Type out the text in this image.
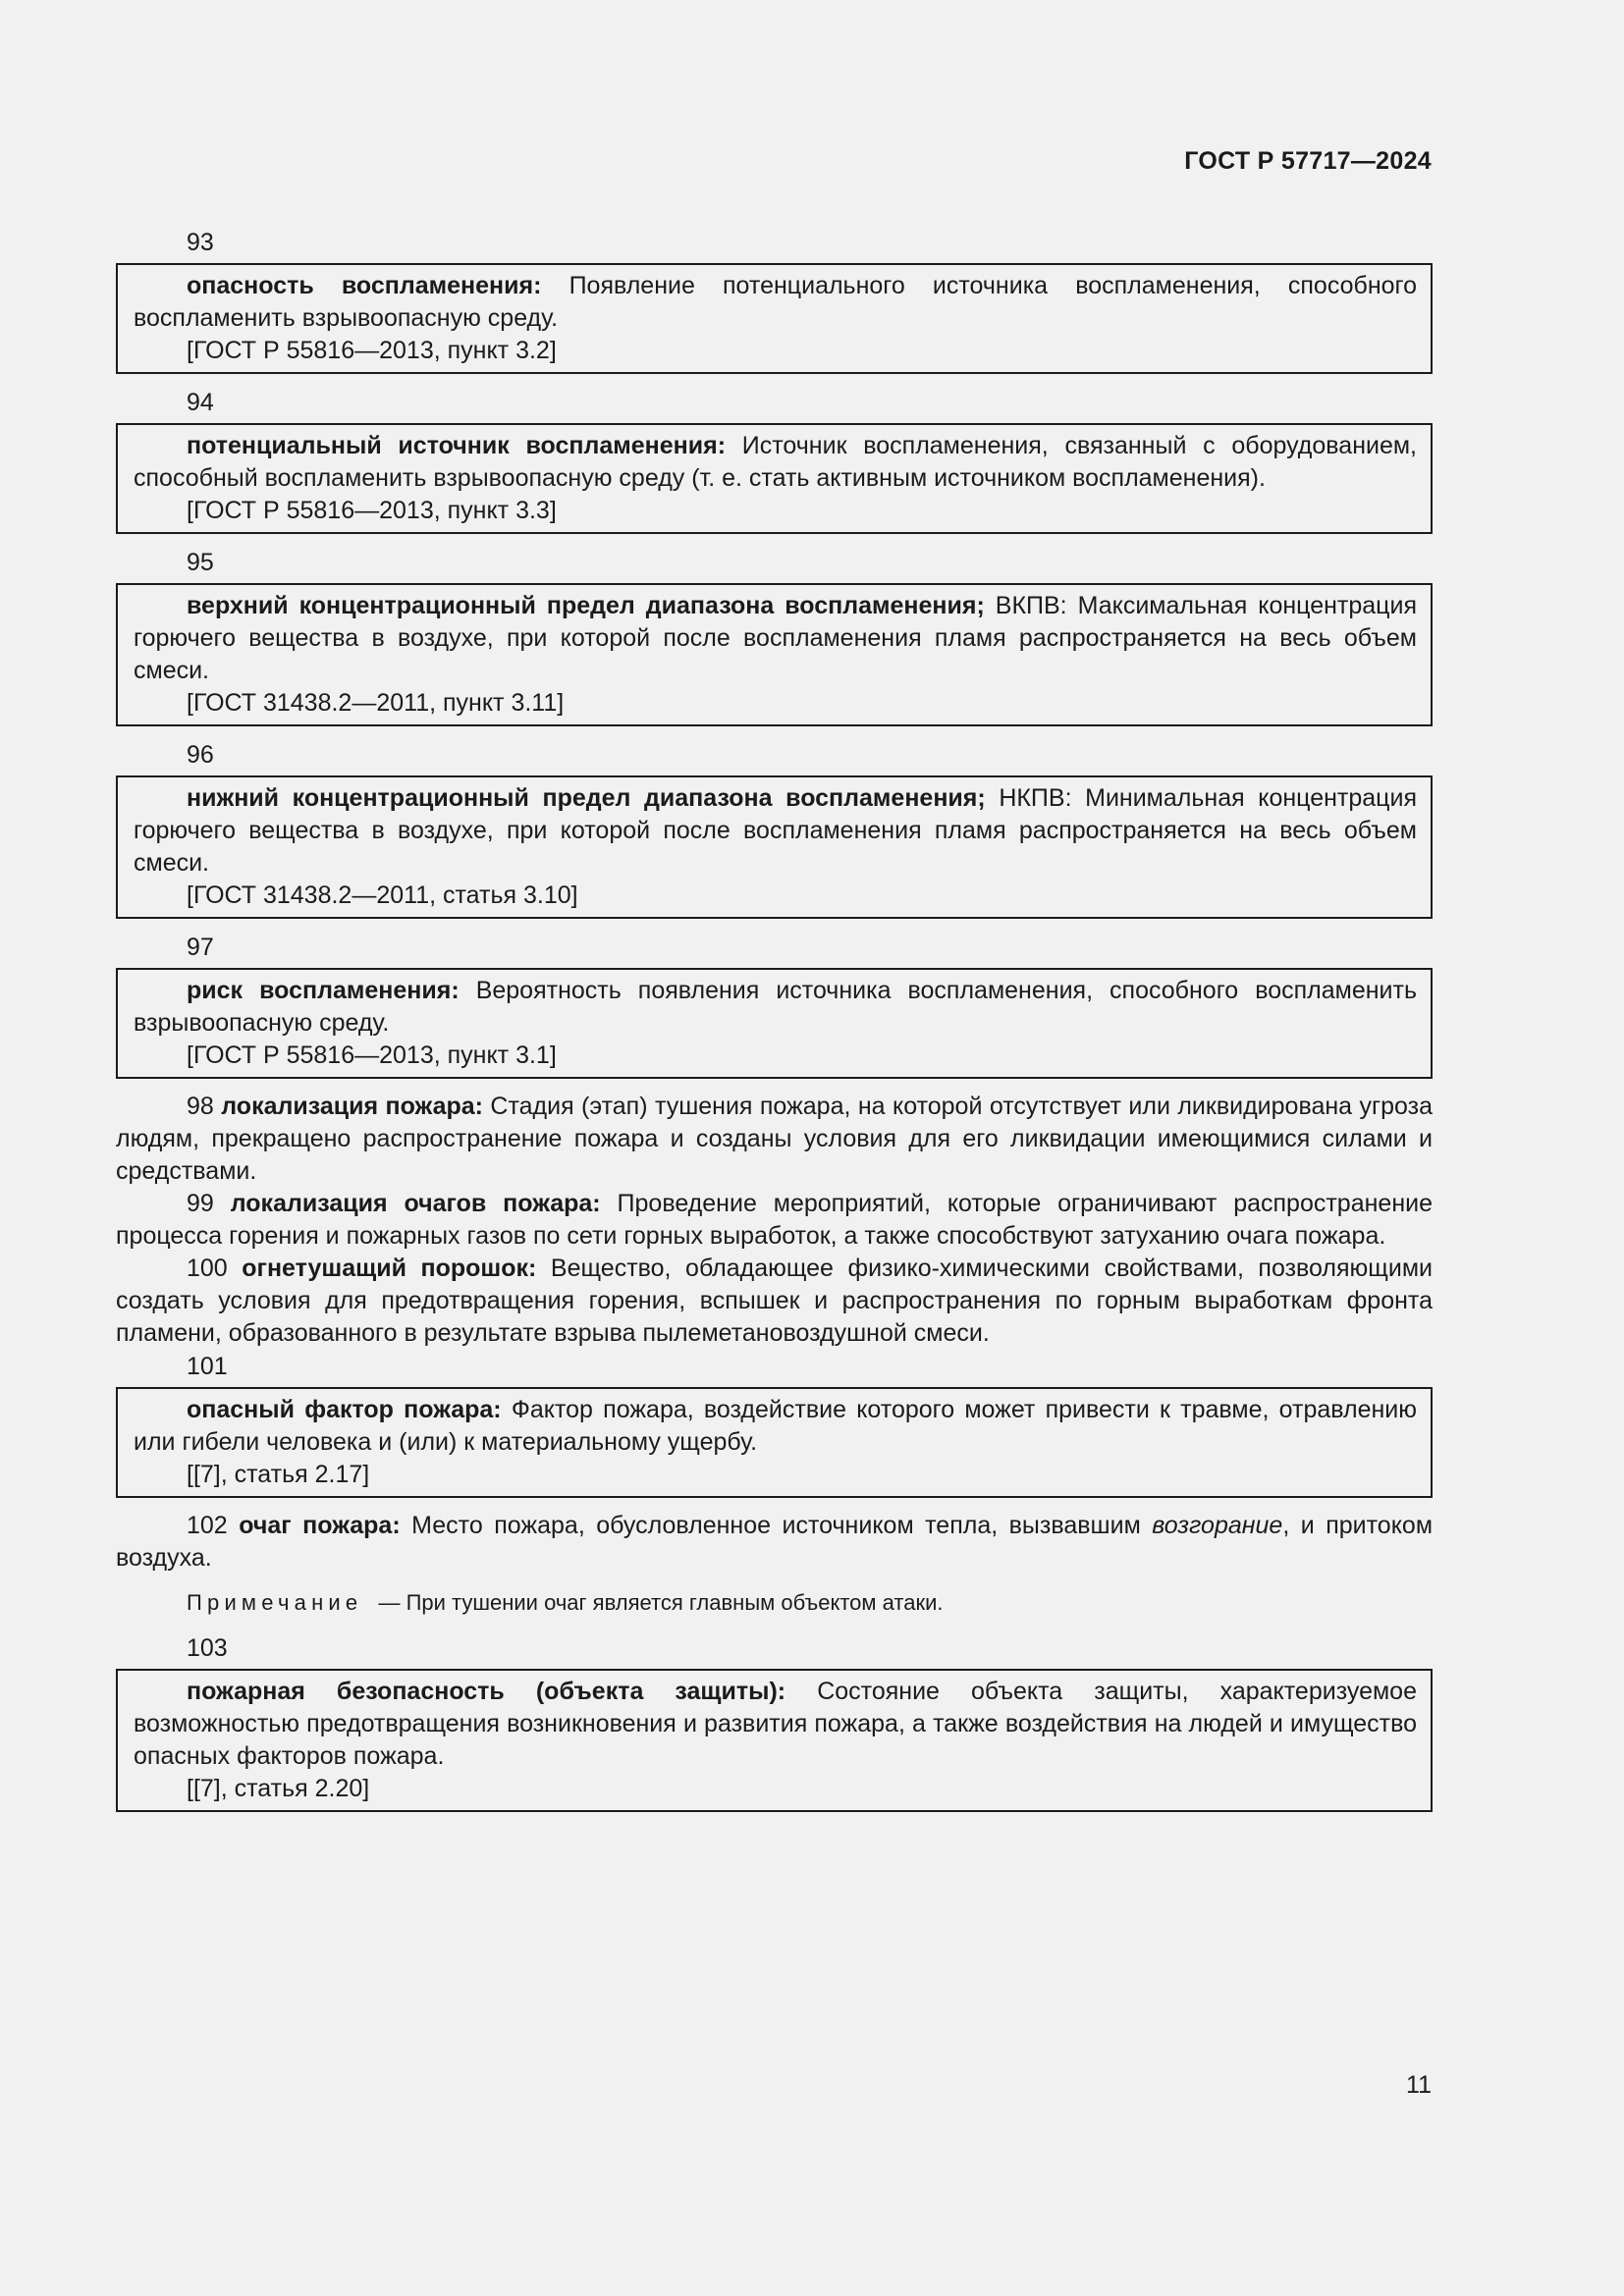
ГОСТ Р 57717—2024
93
опасность воспламенения: Появление потенциального источника воспламенения, способного воспламенить взрывоопасную среду.
[ГОСТ Р 55816—2013, пункт 3.2]
94
потенциальный источник воспламенения: Источник воспламенения, связанный с оборудованием, способный воспламенить взрывоопасную среду (т. е. стать активным источником воспламенения).
[ГОСТ Р 55816—2013, пункт 3.3]
95
верхний концентрационный предел диапазона воспламенения; ВКПВ: Максимальная концентрация горючего вещества в воздухе, при которой после воспламенения пламя распространяется на весь объем смеси.
[ГОСТ 31438.2—2011, пункт 3.11]
96
нижний концентрационный предел диапазона воспламенения; НКПВ: Минимальная концентрация горючего вещества в воздухе, при которой после воспламенения пламя распространяется на весь объем смеси.
[ГОСТ 31438.2—2011, статья 3.10]
97
риск воспламенения: Вероятность появления источника воспламенения, способного воспламенить взрывоопасную среду.
[ГОСТ Р 55816—2013, пункт 3.1]
98 локализация пожара: Стадия (этап) тушения пожара, на которой отсутствует или ликвидирована угроза людям, прекращено распространение пожара и созданы условия для его ликвидации имеющимися силами и средствами.
99 локализация очагов пожара: Проведение мероприятий, которые ограничивают распространение процесса горения и пожарных газов по сети горных выработок, а также способствуют затуханию очага пожара.
100 огнетушащий порошок: Вещество, обладающее физико-химическими свойствами, позволяющими создать условия для предотвращения горения, вспышек и распространения по горным выработкам фронта пламени, образованного в результате взрыва пылеметановоздушной смеси.
101
опасный фактор пожара: Фактор пожара, воздействие которого может привести к травме, отравлению или гибели человека и (или) к материальному ущербу.
[[7], статья 2.17]
102 очаг пожара: Место пожара, обусловленное источником тепла, вызвавшим возгорание, и притоком воздуха.
Примечание — При тушении очаг является главным объектом атаки.
103
пожарная безопасность (объекта защиты): Состояние объекта защиты, характеризуемое возможностью предотвращения возникновения и развития пожара, а также воздействия на людей и имущество опасных факторов пожара.
[[7], статья 2.20]
11
